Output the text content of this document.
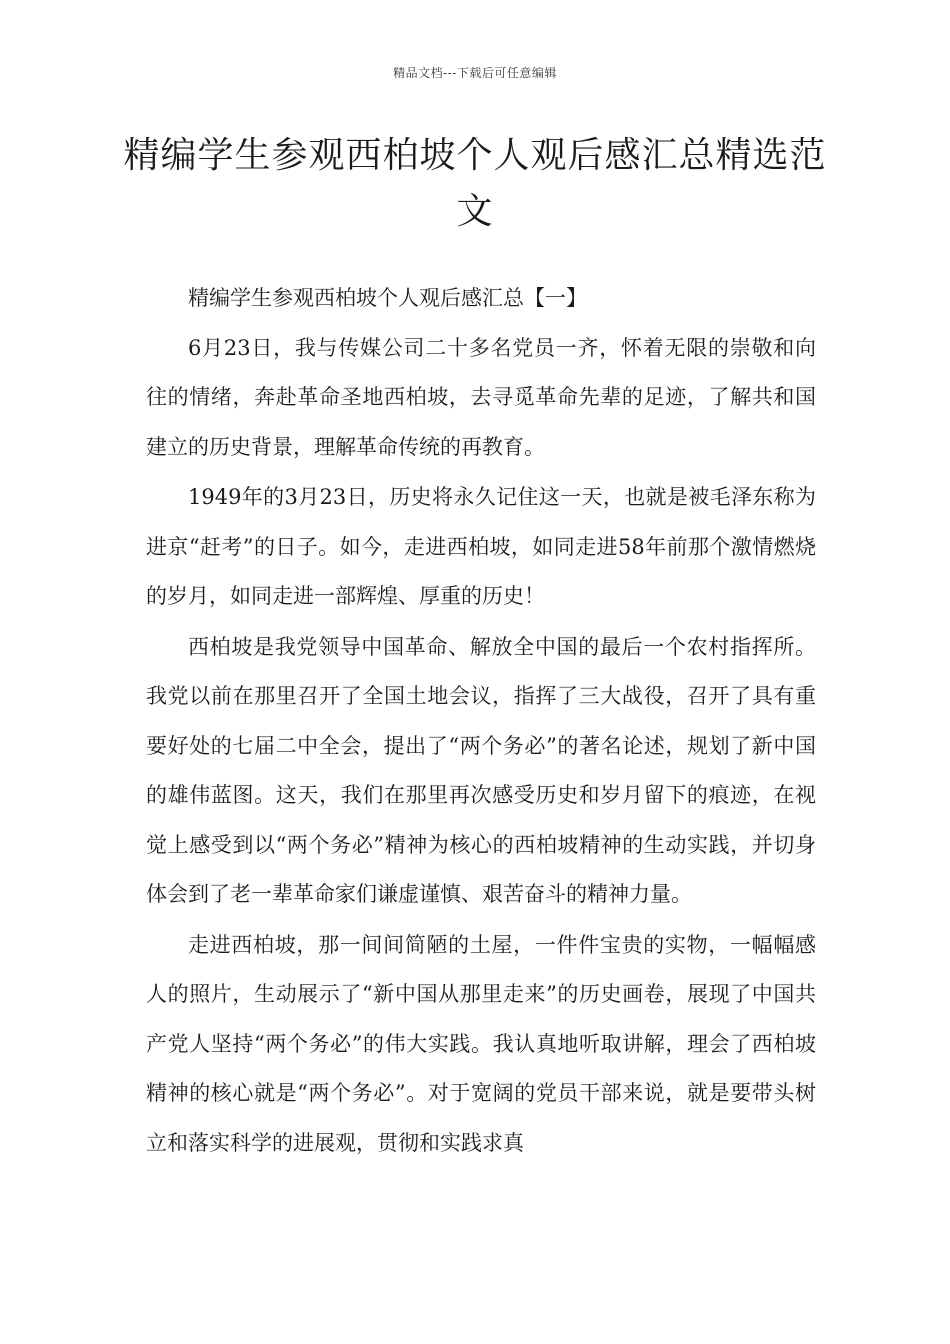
精品文档---下载后可任意编辑
精编学生参观西柏坡个人观后感汇总精选范文

精编学生参观西柏坡个人观后感汇总【一】

6月23日，我与传媒公司二十多名党员一齐，怀着无限的崇敬和向往的情绪，奔赴革命圣地西柏坡，去寻觅革命先辈的足迹，了解共和国建立的历史背景，理解革命传统的再教育。

1949年的3月23日，历史将永久记住这一天，也就是被毛泽东称为进京“赶考”的日子。如今，走进西柏坡，如同走进58年前那个激情燃烧的岁月，如同走进一部辉煌、厚重的历史！

西柏坡是我党领导中国革命、解放全中国的最后一个农村指挥所。我党以前在那里召开了全国土地会议，指挥了三大战役，召开了具有重要好处的七届二中全会，提出了“两个务必”的著名论述，规划了新中国的雄伟蓝图。这天，我们在那里再次感受历史和岁月留下的痕迹，在视觉上感受到以“两个务必”精神为核心的西柏坡精神的生动实践，并切身体会到了老一辈革命家们谦虚谨慎、艰苦奋斗的精神力量。

走进西柏坡，那一间间简陋的土屋，一件件宝贵的实物，一幅幅感人的照片，生动展示了“新中国从那里走来”的历史画卷，展现了中国共产党人坚持“两个务必”的伟大实践。我认真地听取讲解，理会了西柏坡精神的核心就是“两个务必”。对于宽阔的党员干部来说，就是要带头树立和落实科学的进展观，贯彻和实践求真
